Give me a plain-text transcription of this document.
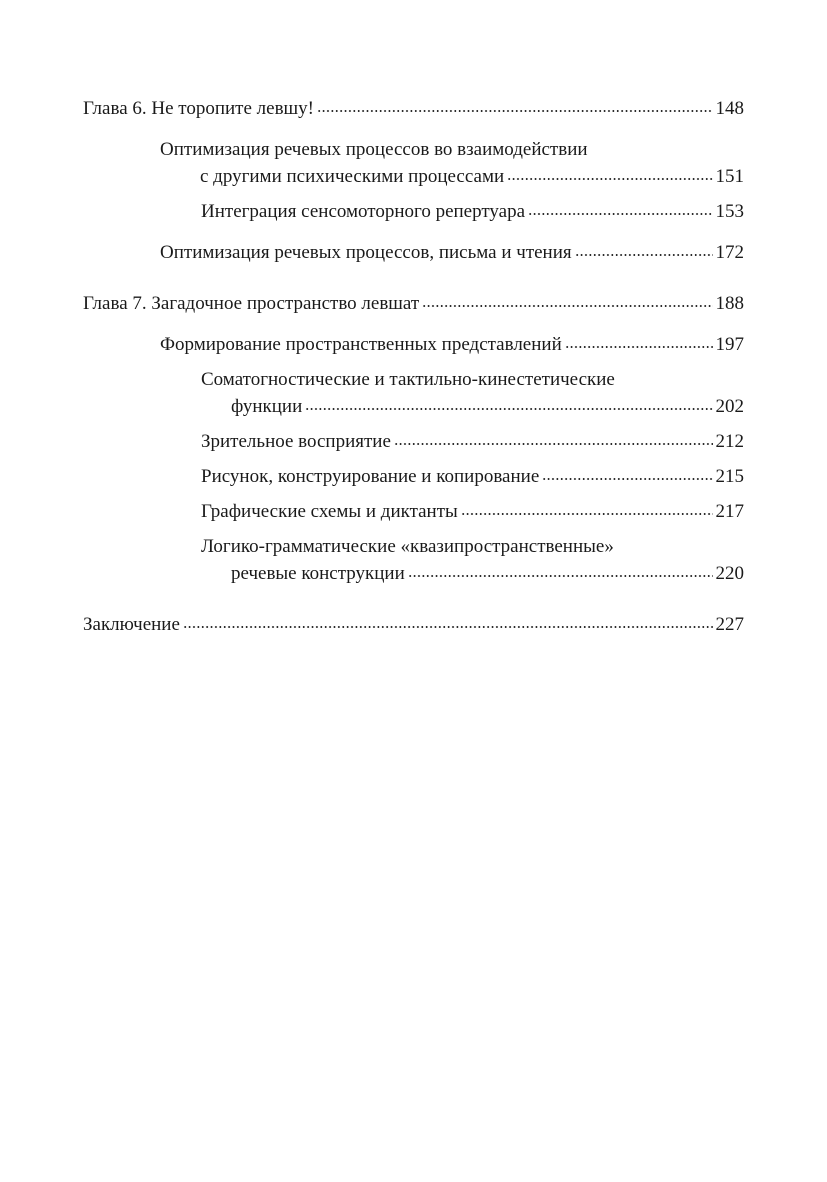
Глава 6. Не торопите левшу!	148
Оптимизация речевых процессов во взаимодействии
с другими психическими процессами	151
Интеграция сенсомоторного репертуара	153
Оптимизация речевых процессов, письма и чтения	172
Глава 7. Загадочное пространство левшат	188
Формирование пространственных представлений	197
Соматогностические и тактильно-кинестетические
функции	202
Зрительное восприятие	212
Рисунок, конструирование и копирование	215
Графические схемы и диктанты	217
Логико-грамматические «квазипространственные»
речевые конструкции	220
Заключение	227
